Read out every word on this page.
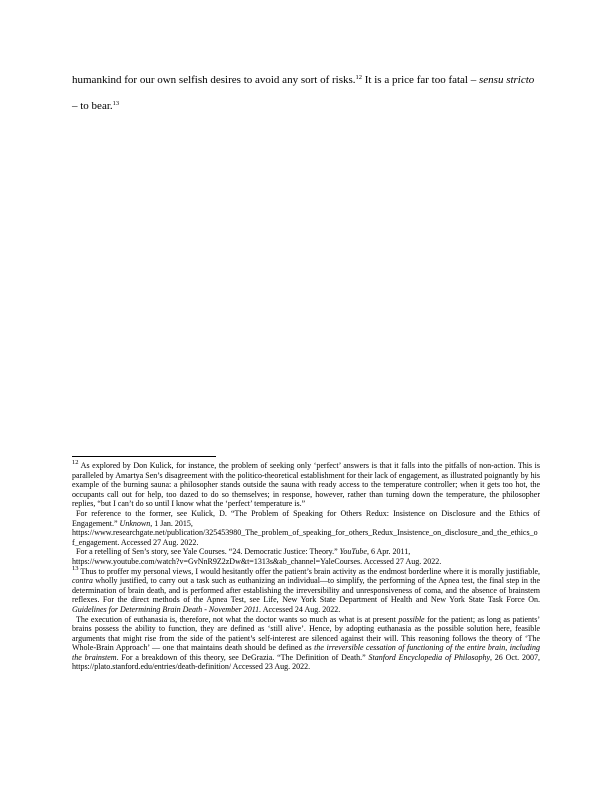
humankind for our own selfish desires to avoid any sort of risks.$^{12}$ It is a price far too fatal – sensu stricto
– to bear.$^{13}$

$^{12}$ As explored by Don Kulick, for instance, the problem of seeking only ‘perfect’ answers is that it falls into the pitfalls of non-action. This is paralleled by Amartya Sen’s disagreement with the politico-theoretical establishment for their lack of engagement, as illustrated poignantly by his example of the burning sauna: a philosopher stands outside the sauna with ready access to the temperature controller; when it gets too hot, the occupants call out for help, too dazed to do so themselves; in response, however, rather than turning down the temperature, the philosopher replies, “but I can’t do so until I know what the ‘perfect’ temperature is.”

For reference to the former, see Kulick, D. “The Problem of Speaking for Others Redux: Insistence on Disclosure and the Ethics of Engagement.” Unknown, 1 Jan. 2015,
https://www.researchgate.net/publication/325453980_The_problem_of_speaking_for_others_Redux_Insistence_on_disclosure_and_the_ethics_of_engagement. Accessed 27 Aug. 2022.

For a retelling of Sen’s story, see Yale Courses. “24. Democratic Justice: Theory.” YouTube, 6 Apr. 2011,
https://www.youtube.com/watch?v=GvNnR9Z2zDw&t=1313s&ab_channel=YaleCourses. Accessed 27 Aug. 2022.

$^{13}$ Thus to proffer my personal views, I would hesitantly offer the patient’s brain activity as the endmost borderline where it is morally justifiable, contra wholly justified, to carry out a task such as euthanizing an individual—to simplify, the performing of the Apnea test, the final step in the determination of brain death, and is performed after establishing the irreversibility and unresponsiveness of coma, and the absence of brainstem reflexes. For the direct methods of the Apnea Test, see Life, New York State Department of Health and New York State Task Force On. Guidelines for Determining Brain Death - November 2011. Accessed 24 Aug. 2022.

The execution of euthanasia is, therefore, not what the doctor wants so much as what is at present possible for the patient; as long as patients’ brains possess the ability to function, they are defined as ‘still alive’. Hence, by adopting euthanasia as the possible solution here, feasible arguments that might rise from the side of the patient’s self-interest are silenced against their will. This reasoning follows the theory of ‘The Whole-Brain Approach’ — one that maintains death should be defined as the irreversible cessation of functioning of the entire brain, including the brainstem. For a breakdown of this theory, see DeGrazia. “The Definition of Death.” Stanford Encyclopedia of Philosophy, 26 Oct. 2007, https://plato.stanford.edu/entries/death-definition/ Accessed 23 Aug. 2022.
